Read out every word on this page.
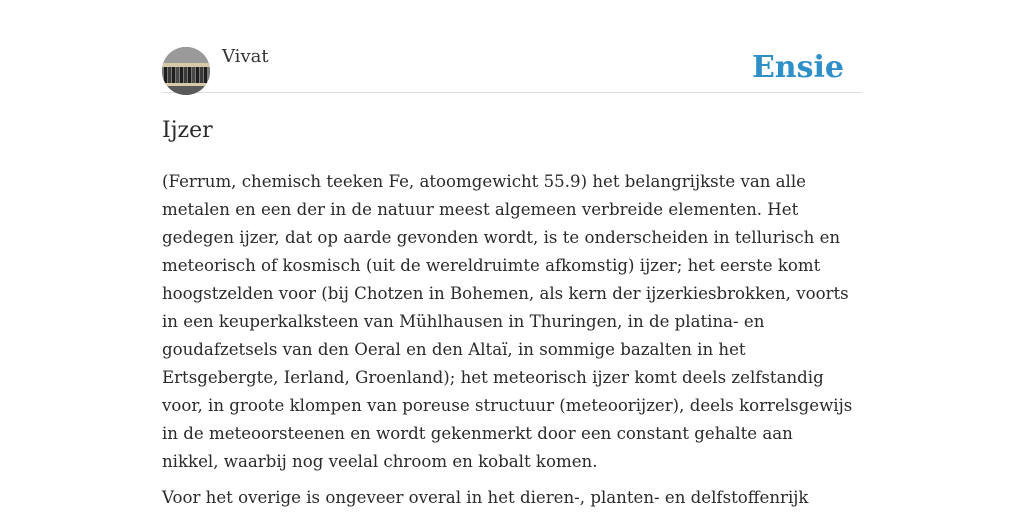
Vivat	Ensie
Ijzer
(Ferrum, chemisch teeken Fe, atoomgewicht 55.9) het belangrijkste van alle
metalen en een der in de natuur meest algemeen verbreide elementen. Het
gedegen ijzer, dat op aarde gevonden wordt, is te onderscheiden in tellurisch en
meteorisch of kosmisch (uit de wereldruimte afkomstig) ijzer; het eerste komt
hoogstzelden voor (bij Chotzen in Bohemen, als kern der ijzerkiesbrokken, voorts
in een keuperkalksteen van Mühlhausen in Thuringen, in de platina- en
goudafzetsels van den Oeral en den Altaï, in sommige bazalten in het
Ertsgebergte, Ierland, Groenland); het meteorisch ijzer komt deels zelfstandig
voor, in groote klompen van poreuse structuur (meteoorijzer), deels korrelsgewijs
in de meteoorsteenen en wordt gekenmerkt door een constant gehalte aan
nikkel, waarbij nog veelal chroom en kobalt komen.
Voor het overige is ongeveer overal in het dieren-, planten- en delfstoffenrijk
